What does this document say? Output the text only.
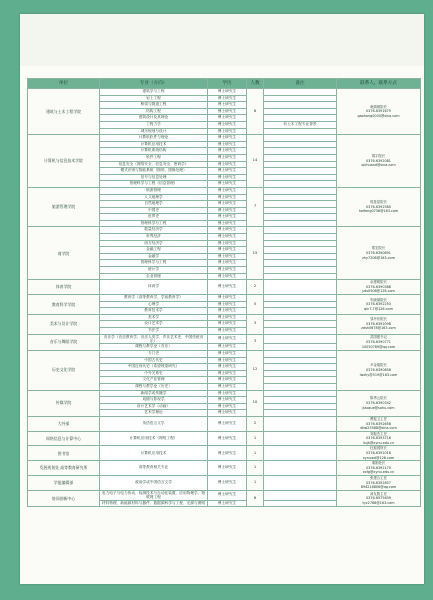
单位	专业（方向）	学历	人数	备注	联系人、联系方式
建筑与土木工程学院	建筑学与工程	博士研究生	6		奥婧婧院长
0376-6391675
gaohong0000@sina.com

	岩土工程	博士研究生			
	桥梁与隧道工程	博士研究生			
	结构工程	博士研究生			
	建筑设计及其理论	博士研究生			
	工程力学	博士研究生		有土木工程专业背景	
	城市规划与设计	博士研究生			
计算机与信息技术学院	计算机软件与理论	博士研究生	14		胡宇院长
0376-6392081
qichuand@sina.com

	计算机应用技术	博士研究生			
	计算机系统结构	博士研究生			
	软件工程	博士研究生			
	信息安全（网络安全、信息安全、密码学）	博士研究生			
	模式识别与智能系统（图形、图像处理）	博士研究生			
	信号与信息处理	博士研究生			
	管理科学与工程（信息管理）	博士研究生			
旅游管理学院	旅游管理	博士研究生	7		郭星星院长
0376-6392580
haifeng0736@163.com

	人文地理学	博士研究生			
	自然地理学	博士研究生			
	中国史	博士研究生			
	世界史	博士研究生			
	管理科学与工程	博士研究生			
商学院	数量经济学	博士研究生	15		郑宏院长
0376-6390891
zhy7208@163.com

	世界经济	博士研究生			
	西方经济学	博士研究生			
	金融工程	博士研究生			
	金融学	博士研究生			
	管理科学与工程	博士研究生			
	统计学	博士研究生			
	企业管理	博士研究生			
体育学院	体育学	博士研究生	2		余建明院长
0376-6390368
yds0508@126.com

教育科学学院	教育学（高等教育学、学前教育学）	博士研究生	5		朱晓斌院长
0376-6392253
qin7.7@126.com

	心理学	博士研究生			
	教育技术学	博士研究生			
美术与设计学院	美术学	博士研究生	3		邹丹东院长
0376-6392098
zdsh0678@163.com

	设计艺术学	博士研究生			
	书法学	博士研究生			
音乐与舞蹈学院	音乐学（音乐教育学、音乐人类学、声乐艺术史、中国传统音乐）	博士研究生	3		武国强书记
0376-6390771
10050789@qq.com

	课程与教学论（音乐）	博士研究生			
历史文化学院	专门史	博士研究生	12		尹金翔院长
0376-6390858
lwzhy@519@163.com

	中国古代史	博士研究生			
	中国近现代史（希望敦煌研究）	博士研究生			
	中外关系史	博士研究生			
	文化产业管理	博士研究生			
	课程与教学论（历史）	博士研究生			
传媒学院	新闻学或传播学	博士研究生	10		陈秀云院长
0376-6390342
jiaoxue@sohu.com

	戏剧与影视学	博士研究生			
	设计艺术学（动画）	博士研究生			
	艺术学理论	博士研究生			
大外部	英语语言文学	博士研究生	2		曹振卫主任
0376-6392658
dbw25588@sina.com

网络信息与计算中心	计算机应用技术（网络工程）	博士研究生	1		刘振杰主任
0376-6393716
liujh@xynu.edu.cn

图书馆	计算机应用技术	博士研究生	1		杜振国馆长
0376-6392018
xynuwd@126.com

发展规划处 高等教育研究所	高等教育相关专业	博士研究生	1		秦刚处长
0376-6392170
xxfg@xynu.edu.cn

学报编辑部	政治学或中国语言文学	博士研究生	1		张建合主任
0376-6392857
894216806@qq.com

协同创新中心	电力电子与电力传动、检测技术与自动化装置、应用物理学、物联网工程	博士研究生	6		汤友胜主任
0376-6575639
tyc2768@163.com

	材料物理、新能源材料与器件、数据源科学与工程、光源与照明	博士研究生			
